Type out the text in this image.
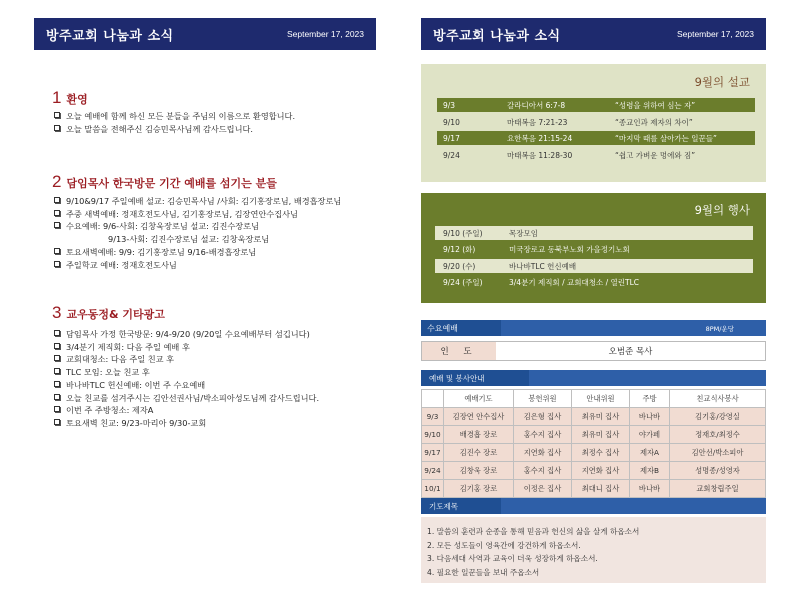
방주교회 나눔과 소식	September 17, 2023	방주교회 나눔과 소식	September 17, 2023
1 환영
오늘 예배에 함께 하신 모든 분들을 주님의 이름으로 환영합니다.
오늘 말씀을 전해주신 김승민목사님께 감사드립니다.
2 담임목사 한국방문 기간 예배를 섬기는 분들
9/10&9/17 주일예배 설교: 김승민목사님 /사회: 김기홍장로님, 배경흡장로님
주중 새벽예배: 정재호전도사님, 김기홍장로님, 김장연안수집사님
수요예배: 9/6-사회: 김창욱장로님 설교: 김진수장로님
9/13-사회: 김진수장로님 설교: 김창욱장로님
토요새벽예배: 9/9: 김기홍장로님 9/16-배경흡장로님
주일학교 예배: 정재호전도사님
3 교우동정& 기타광고
담임목사 가정 한국방문: 9/4-9/20 (9/20일 수요예배부터 섬깁니다)
3/4분기 제직회: 다음 주일 예배 후
교회대청소: 다음 주일 친교 후
TLC 모임: 오늘 친교 후
바나바TLC 헌신예배: 이번 주 수요예배
오늘 친교를 섬겨주시는 김안선권사님/박소피아성도님께 감사드립니다.
이번 주 주방청소: 제자A
토요새벽 친교: 9/23-마리아 9/30-교회
9월의 설교
9/3	갈라디아서 6:7-8	“성령을 위하여 심는 자”
9/10	마태복음 7:21-23	“종교인과 제자의 차이”
9/17	요한복음 21:15-24	“마지막 때를 살아가는 일꾼들”
9/24	마태복음 11:28-30	“쉽고 가벼운 멍에와 짐”
9월의 행사
9/10 (주일)	목장모임
9/12 (화)	미국장로교 동북부노회 가을정기노회
9/20 (수)	바나바TLC 헌신예배
9/24 (주일)	3/4분기 제직회 / 교회대청소 / 열린TLC
수요예배	8PM/운당
인 도	오범준 목사
예배 및 봉사안내
	예배기도	봉헌위원	안내위원	주방	친교식사봉사
9/3	김장연 안수집사	김은형 집사	최유미 집사	바나바	김기홍/강영실
9/10	배경흡 장로	홍수지 집사	최유미 집사	야가페	정재호/최정수
9/17	김진수 장로	지연화 집사	최정수 집사	제자A	김안선/박소피아
9/24	김창욱 장로	홍수지 집사	지연화 집사	제자B	성명종/성영자
10/1	김기홍 장로	이정은 집사	최대니 집사	바나바	교회창립주일
기도제목
1. 말씀의 훈련과 순종을 통해 믿음과 헌신의 삶을 살게 하옵소서
2. 모든 성도들이 영육간에 강건하게 하옵소서.
3. 다음세대 사역과 교육이 더욱 성장하게 하옵소서.
4. 필요한 일꾼들을 보내 주옵소서
